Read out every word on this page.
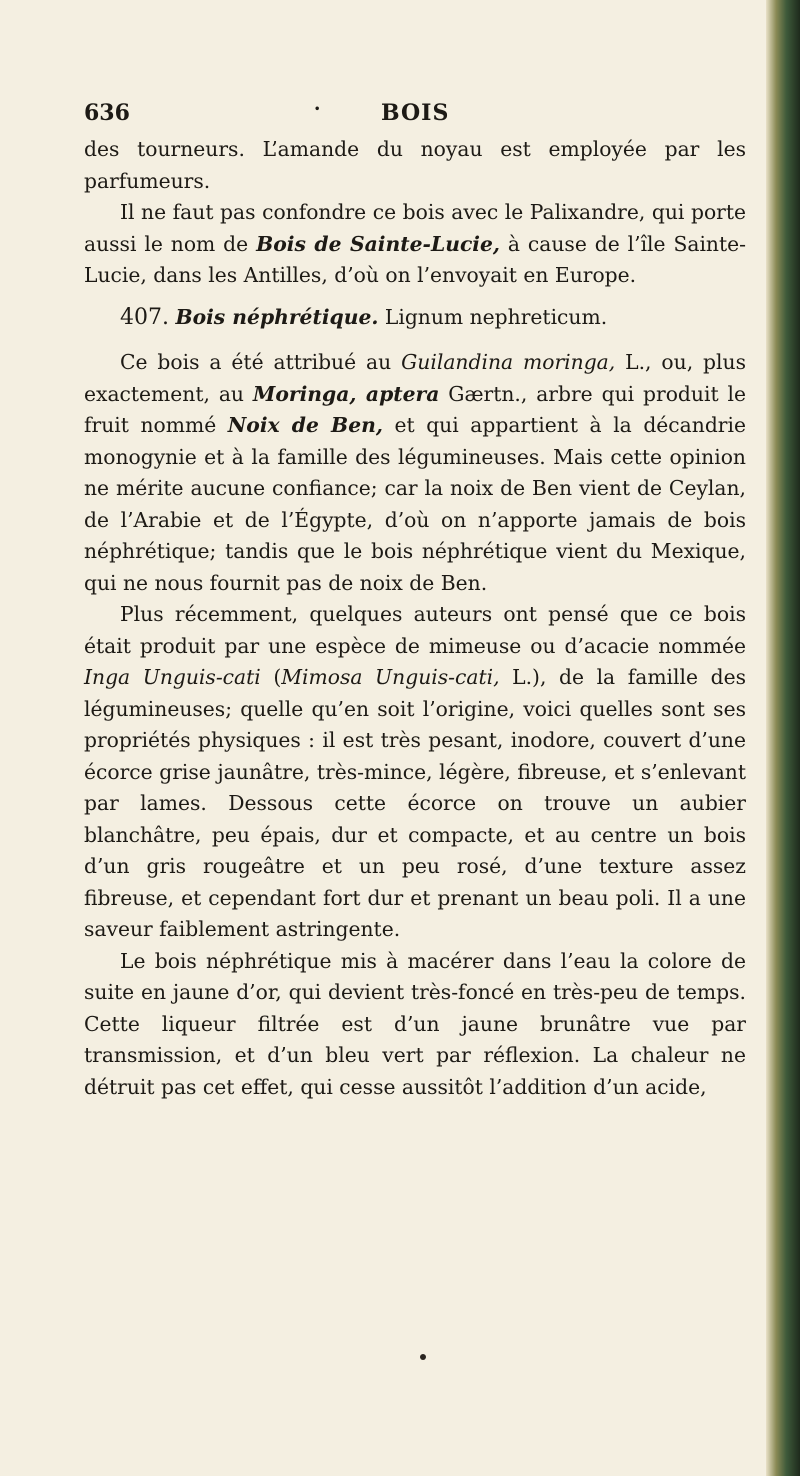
636	•	BOIS

des tourneurs. L’amande du noyau est employée par les parfumeurs.

Il ne faut pas confondre ce bois avec le Palixandre, qui porte aussi le nom de Bois de Sainte-Lucie, à cause de l’île Sainte-Lucie, dans les Antilles, d’où on l’envoyait en Europe.

407. Bois néphrétique. Lignum nephreticum.

Ce bois a été attribué au Guilandina moringa, L., ou, plus exactement, au Moringa, aptera Gærtn., arbre qui produit le fruit nommé Noix de Ben, et qui appartient à la décandrie monogynie et à la famille des légumineuses. Mais cette opinion ne mérite aucune confiance; car la noix de Ben vient de Ceylan, de l’Arabie et de l’Égypte, d’où on n’apporte jamais de bois néphrétique; tandis que le bois néphrétique vient du Mexique, qui ne nous fournit pas de noix de Ben.

Plus récemment, quelques auteurs ont pensé que ce bois était produit par une espèce de mimeuse ou d’acacie nommée Inga Unguis-cati (Mimosa Unguis-cati, L.), de la famille des légumineuses; quelle qu’en soit l’origine, voici quelles sont ses propriétés physiques : il est très pesant, inodore, couvert d’une écorce grise jaunâtre, très-mince, légère, fibreuse, et s’enlevant par lames. Dessous cette écorce on trouve un aubier blanchâtre, peu épais, dur et compacte, et au centre un bois d’un gris rougeâtre et un peu rosé, d’une texture assez fibreuse, et cependant fort dur et prenant un beau poli. Il a une saveur faiblement astringente.

Le bois néphrétique mis à macérer dans l’eau la colore de suite en jaune d’or, qui devient très-foncé en très-peu de temps. Cette liqueur filtrée est d’un jaune brunâtre vue par transmission, et d’un bleu vert par réflexion. La chaleur ne détruit pas cet effet, qui cesse aussitôt l’addition d’un acide,
